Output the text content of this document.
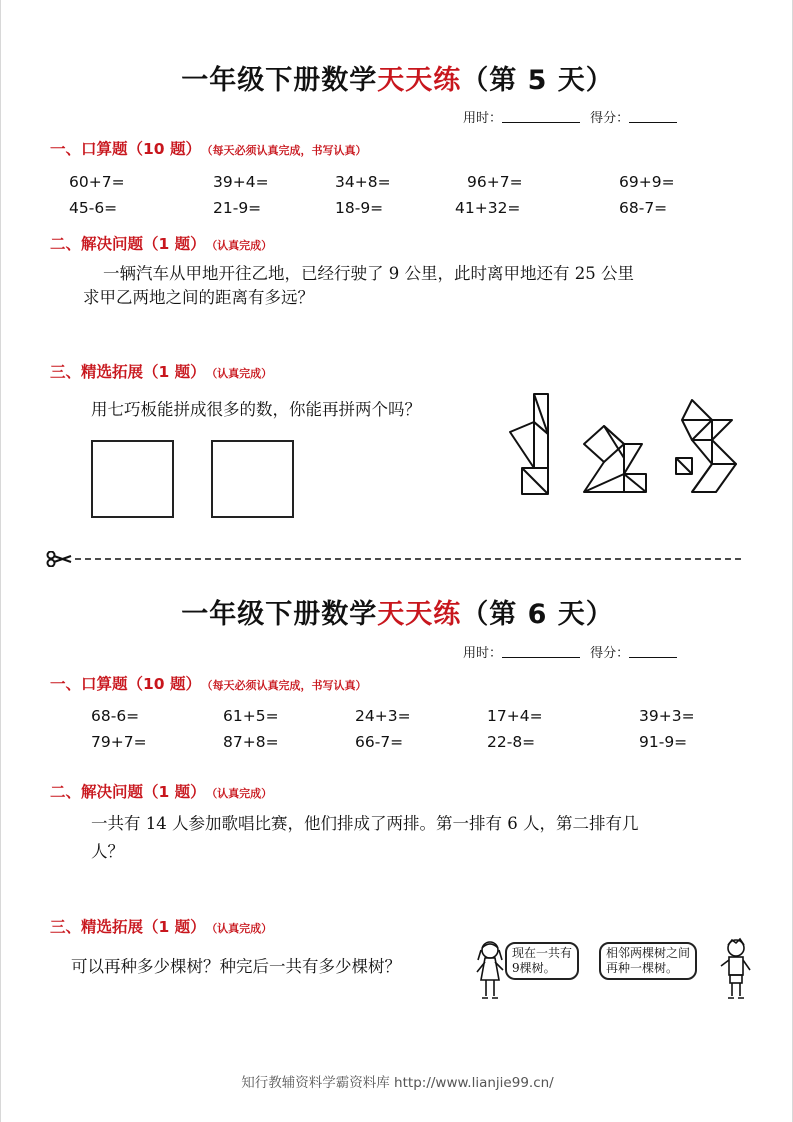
一年级下册数学天天练（第 5 天）
用时：	得分：
一、口算题（10 题） （每天必须认真完成，书写认真）
60+7=	39+4=	34+8=	96+7=	69+9=
45-6=	21-9=	18-9=	41+32=	68-7=
二、解决问题（1 题） （认真完成）
一辆汽车从甲地开往乙地，已经行驶了 9 公里，此时离甲地还有 25 公里
求甲乙两地之间的距离有多远？
三、精选拓展（1 题） （认真完成）
用七巧板能拼成很多的数，你能再拼两个吗？
一年级下册数学天天练（第 6 天）
用时：	得分：
一、口算题（10 题） （每天必须认真完成，书写认真）
68-6=	61+5=	24+3=	17+4=	39+3=
79+7=	87+8=	66-7=	22-8=	91-9=
二、解决问题（1 题） （认真完成）
一共有 14 人参加歌唱比赛，他们排成了两排。第一排有 6 人，第二排有几
人？
三、精选拓展（1 题） （认真完成）
可以再种多少棵树？种完后一共有多少棵树？
现在一共有
9棵树。
相邻两棵树之间
再种一棵树。
知行教辅资料学霸资料库 http://www.lianjie99.cn/
